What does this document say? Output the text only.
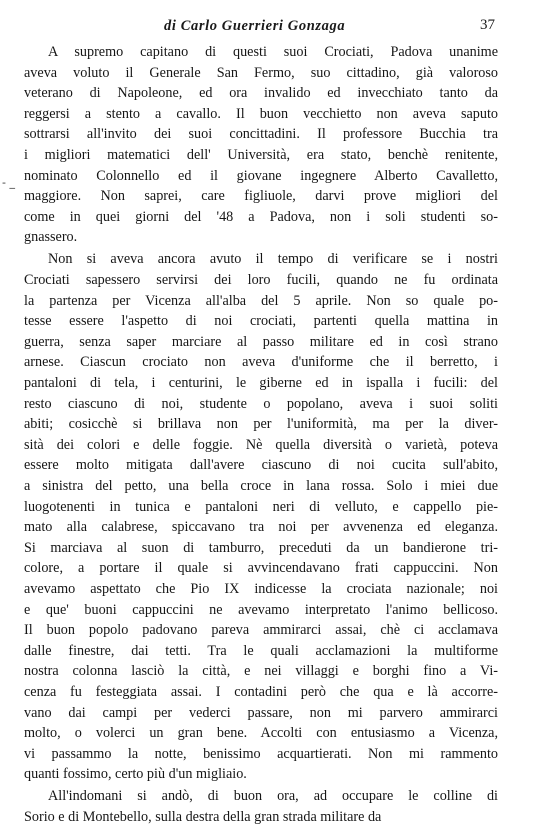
di Carlo Guerrieri Gonzaga	37
- _
A supremo capitano di questi suoi Crociati, Padova unanime
aveva voluto il Generale San Fermo, suo cittadino, già valoroso
veterano di Napoleone, ed ora invalido ed invecchiato tanto da
reggersi a stento a cavallo. Il buon vecchietto non aveva saputo
sottrarsi all'invito dei suoi concittadini. Il professore Bucchia tra
i migliori matematici dell' Università, era stato, benchè renitente,
nominato Colonnello ed il giovane ingegnere Alberto Cavalletto,
maggiore. Non saprei, care figliuole, darvi prove migliori del
come in quei giorni del '48 a Padova, non i soli studenti so-
gnassero.
Non si aveva ancora avuto il tempo di verificare se i nostri
Crociati sapessero servirsi dei loro fucili, quando ne fu ordinata
la partenza per Vicenza all'alba del 5 aprile. Non so quale po-
tesse essere l'aspetto di noi crociati, partenti quella mattina in
guerra, senza saper marciare al passo militare ed in così strano
arnese. Ciascun crociato non aveva d'uniforme che il berretto, i
pantaloni di tela, i centurini, le giberne ed in ispalla i fucili: del
resto ciascuno di noi, studente o popolano, aveva i suoi soliti
abiti; cosicchè si brillava non per l'uniformità, ma per la diver-
sità dei colori e delle foggie. Nè quella diversità o varietà, poteva
essere molto mitigata dall'avere ciascuno di noi cucita sull'abito,
a sinistra del petto, una bella croce in lana rossa. Solo i miei due
luogotenenti in tunica e pantaloni neri di velluto, e cappello pie-
mato alla calabrese, spiccavano tra noi per avvenenza ed eleganza.
Si marciava al suon di tamburro, preceduti da un bandierone tri-
colore, a portare il quale si avvincendavano frati cappuccini. Non
avevamo aspettato che Pio IX indicesse la crociata nazionale; noi
e que' buoni cappuccini ne avevamo interpretato l'animo bellicoso.
Il buon popolo padovano pareva ammirarci assai, chè ci acclamava
dalle finestre, dai tetti. Tra le quali acclamazioni la multiforme
nostra colonna lasciò la città, e nei villaggi e borghi fino a Vi-
cenza fu festeggiata assai. I contadini però che qua e là accorre-
vano dai campi per vederci passare, non mi parvero ammirarci
molto, o volerci un gran bene. Accolti con entusiasmo a Vicenza,
vi passammo la notte, benissimo acquartierati. Non mi rammento
quanti fossimo, certo più d'un migliaio.
All'indomani si andò, di buon ora, ad occupare le colline di
Sorio e di Montebello, sulla destra della gran strada militare da
